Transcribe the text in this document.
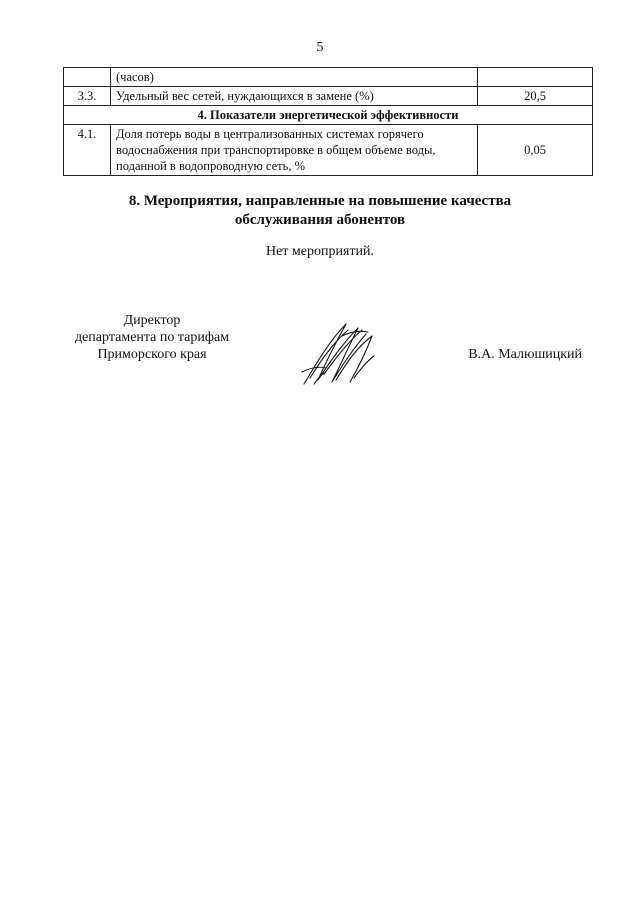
5
	(часов)	
3.3.	Удельный вес сетей, нуждающихся в замене (%)	20,5
4. Показатели энергетической эффективности		
4.1.	Доля потерь воды в централизованных системах горячего
водоснабжения при транспортировке в общем объеме воды,
поданной в водопроводную сеть, %	0,05
8. Мероприятия, направленные на повышение качества
обслуживания абонентов
Нет мероприятий.
Директор
департамента по тарифам
Приморского края	В.А. Малюшицкий
